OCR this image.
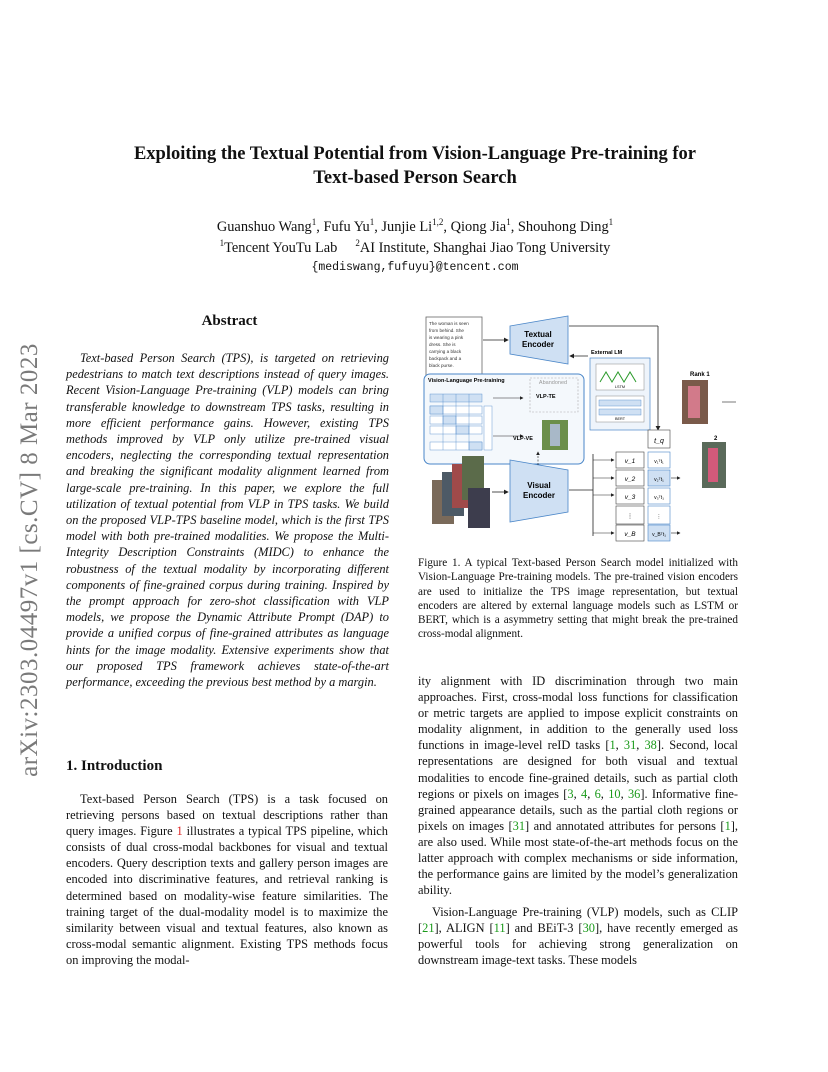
arXiv:2303.04497v1 [cs.CV] 8 Mar 2023
Exploiting the Textual Potential from Vision-Language Pre-training for
Text-based Person Search
Guanshuo Wang$^1$, Fufu Yu$^1$, Junjie Li$^{1,2}$, Qiong Jia$^1$, Shouhong Ding$^1$
$^1$Tencent YouTu Lab $^2$AI Institute, Shanghai Jiao Tong University
{mediswang,fufuyu}@tencent.com
Abstract

Text-based Person Search (TPS), is targeted on retrieving pedestrians to match text descriptions instead of query images. Recent Vision-Language Pre-training (VLP) models can bring transferable knowledge to downstream TPS tasks, resulting in more efficient performance gains. However, existing TPS methods improved by VLP only utilize pre-trained visual encoders, neglecting the corresponding textual representation and breaking the significant modality alignment learned from large-scale pre-training. In this paper, we explore the full utilization of textual potential from VLP in TPS tasks. We build on the proposed VLP-TPS baseline model, which is the first TPS model with both pre-trained modalities. We propose the Multi-Integrity Description Constraints (MIDC) to enhance the robustness of the textual modality by incorporating different components of fine-grained corpus during training. Inspired by the prompt approach for zero-shot classification with VLP models, we propose the Dynamic Attribute Prompt (DAP) to provide a unified corpus of fine-grained attributes as language hints for the image modality. Extensive experiments show that our proposed TPS framework achieves state-of-the-art performance, exceeding the previous best method by a margin.

1. Introduction

Text-based Person Search (TPS) is a task focused on retrieving persons based on textual descriptions rather than query images. Figure 1 illustrates a typical TPS pipeline, which consists of dual cross-modal backbones for visual and textual encoders. Query description texts and gallery person images are encoded into discriminative features, and retrieval ranking is determined based on modality-wise feature similarities. The training target of the dual-modality model is to maximize the similarity between visual and textual features, also known as cross-modal semantic alignment. Existing TPS methods focus on improving the modal-

The woman is seen
from behind. She
is wearing a pink
dress. She is
carrying a black
backpack and a
black purse.
Textual
Encoder
External LM
LSTM
BERT
Vision-Language Pre-training	Abandoned
VLP-TE
VLP-VE
Visual
Encoder
v_1
v_2
v_3
⋮
v_B
t_q
v₁ᵀt₁
v₂ᵀt₁
v₃ᵀt₁
⋮
v_Bᵀt₁
Rank 1
2

Figure 1. A typical Text-based Person Search model initialized with Vision-Language Pre-training models. The pre-trained vision encoders are used to initialize the TPS image representation, but textual encoders are altered by external language models such as LSTM or BERT, which is a asymmetry setting that might break the pre-trained cross-modal alignment.

ity alignment with ID discrimination through two main approaches. First, cross-modal loss functions for classification or metric targets are applied to impose explicit constraints on modality alignment, in addition to the generally used loss functions in image-level reID tasks [1, 31, 38]. Second, local representations are designed for both visual and textual modalities to encode fine-grained details, such as partial cloth regions or pixels on images [3, 4, 6, 10, 36]. Informative fine-grained appearance details, such as the partial cloth regions or pixels on images [31] and annotated attributes for persons [1], are also used. While most state-of-the-art methods focus on the latter approach with complex mechanisms or side information, the performance gains are limited by the model’s generalization ability.

Vision-Language Pre-training (VLP) models, such as CLIP [21], ALIGN [11] and BEiT-3 [30], have recently emerged as powerful tools for achieving strong generalization on downstream image-text tasks. These models
